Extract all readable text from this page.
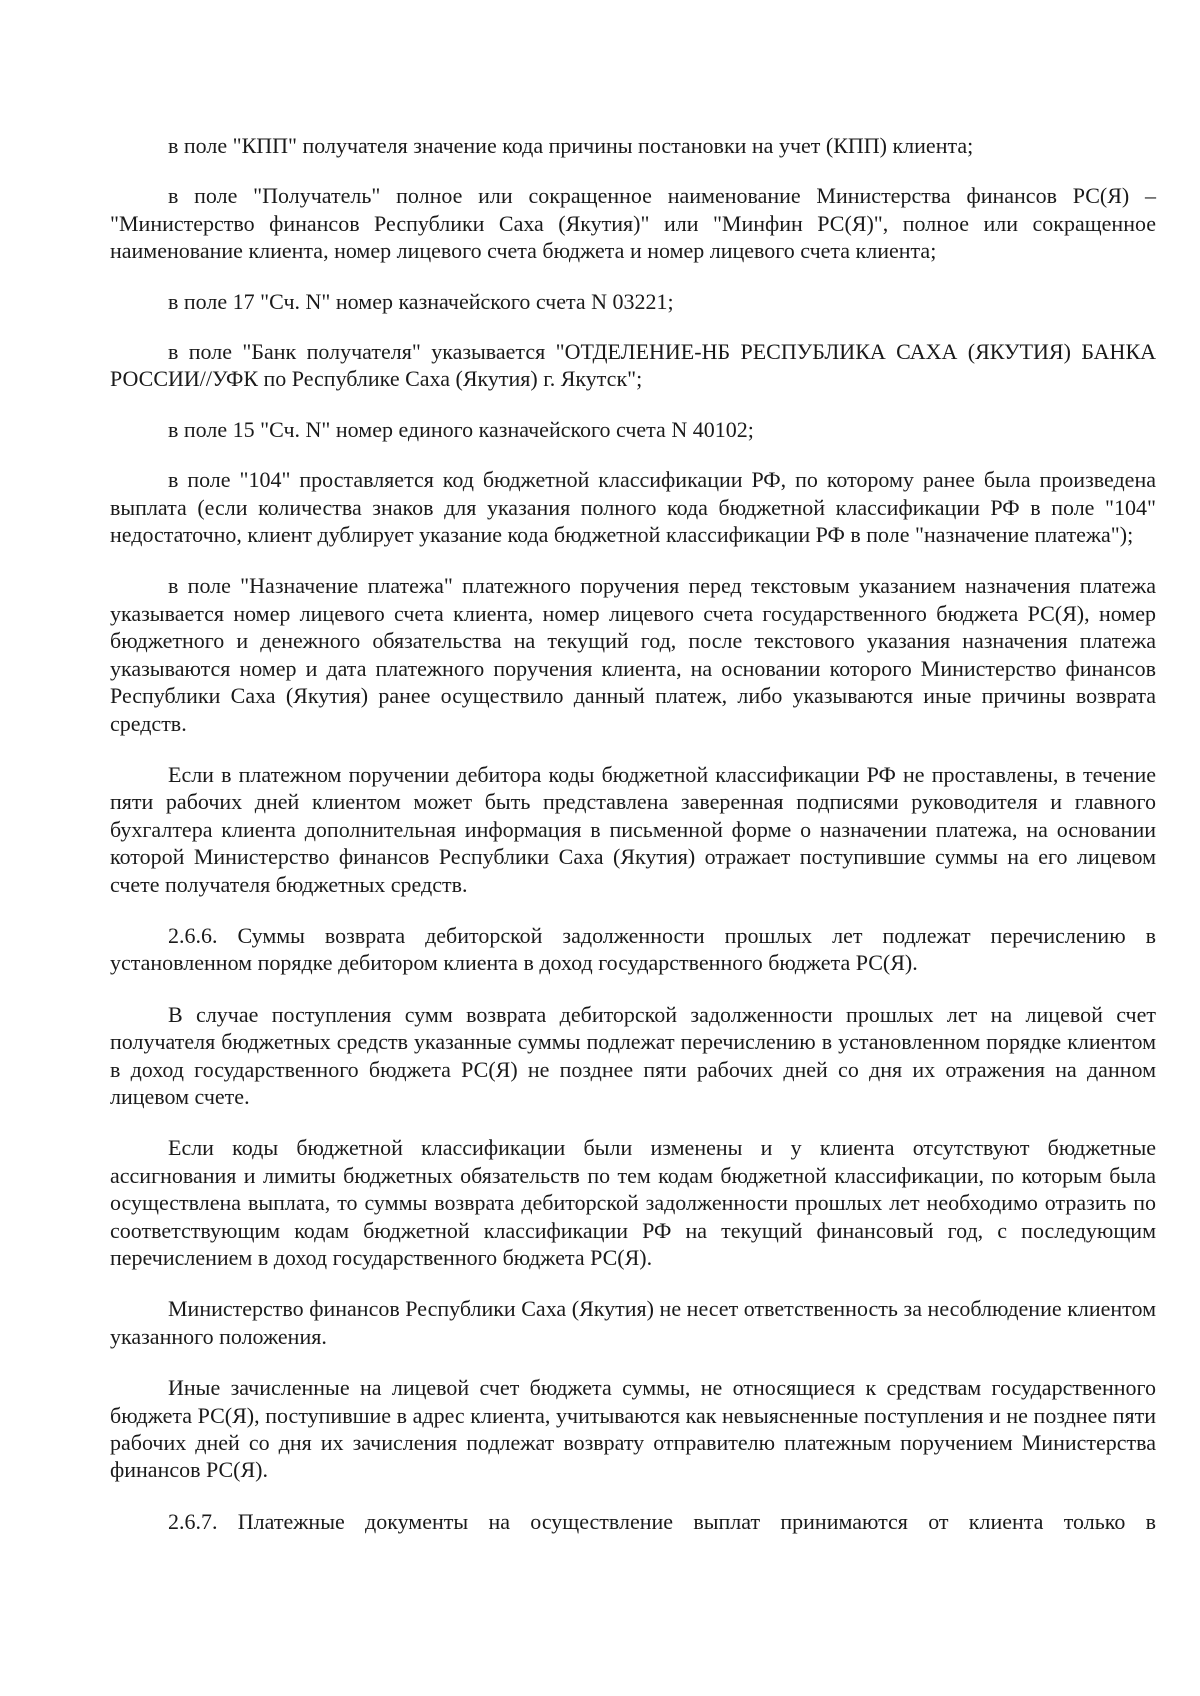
в поле "КПП" получателя значение кода причины постановки на учет (КПП) клиента;

в поле "Получатель" полное или сокращенное наименование Министерства финансов РС(Я) – "Министерство финансов Республики Саха (Якутия)" или "Минфин РС(Я)", полное или сокращенное наименование клиента, номер лицевого счета бюджета и номер лицевого счета клиента;

в поле 17 "Сч. N" номер казначейского счета N 03221;

в поле "Банк получателя" указывается "ОТДЕЛЕНИЕ-НБ РЕСПУБЛИКА САХА (ЯКУТИЯ) БАНКА РОССИИ//УФК по Республике Саха (Якутия) г. Якутск";

в поле 15 "Сч. N" номер единого казначейского счета N 40102;

в поле "104" проставляется код бюджетной классификации РФ, по которому ранее была произведена выплата (если количества знаков для указания полного кода бюджетной классификации РФ в поле "104" недостаточно, клиент дублирует указание кода бюджетной классификации РФ в поле "назначение платежа");

в поле "Назначение платежа" платежного поручения перед текстовым указанием назначения платежа указывается номер лицевого счета клиента, номер лицевого счета государственного бюджета РС(Я), номер бюджетного и денежного обязательства на текущий год, после текстового указания назначения платежа указываются номер и дата платежного поручения клиента, на основании которого Министерство финансов Республики Саха (Якутия) ранее осуществило данный платеж, либо указываются иные причины возврата средств.

Если в платежном поручении дебитора коды бюджетной классификации РФ не проставлены, в течение пяти рабочих дней клиентом может быть представлена заверенная подписями руководителя и главного бухгалтера клиента дополнительная информация в письменной форме о назначении платежа, на основании которой Министерство финансов Республики Саха (Якутия) отражает поступившие суммы на его лицевом счете получателя бюджетных средств.

2.6.6. Суммы возврата дебиторской задолженности прошлых лет подлежат перечислению в установленном порядке дебитором клиента в доход государственного бюджета РС(Я).

В случае поступления сумм возврата дебиторской задолженности прошлых лет на лицевой счет получателя бюджетных средств указанные суммы подлежат перечислению в установленном порядке клиентом в доход государственного бюджета РС(Я) не позднее пяти рабочих дней со дня их отражения на данном лицевом счете.

Если коды бюджетной классификации были изменены и у клиента отсутствуют бюджетные ассигнования и лимиты бюджетных обязательств по тем кодам бюджетной классификации, по которым была осуществлена выплата, то суммы возврата дебиторской задолженности прошлых лет необходимо отразить по соответствующим кодам бюджетной классификации РФ на текущий финансовый год, с последующим перечислением в доход государственного бюджета РС(Я).

Министерство финансов Республики Саха (Якутия) не несет ответственность за несоблюдение клиентом указанного положения.

Иные зачисленные на лицевой счет бюджета суммы, не относящиеся к средствам государственного бюджета РС(Я), поступившие в адрес клиента, учитываются как невыясненные поступления и не позднее пяти рабочих дней со дня их зачисления подлежат возврату отправителю платежным поручением Министерства финансов РС(Я).

2.6.7. Платежные документы на осуществление выплат принимаются от клиента только в
